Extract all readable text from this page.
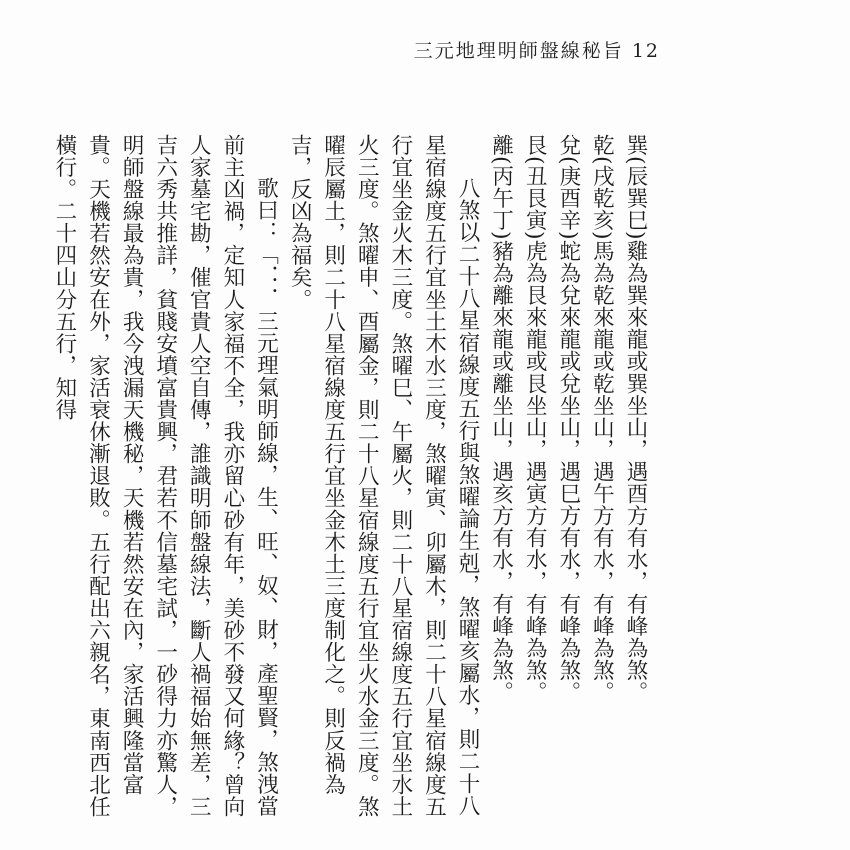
三元地理明師盤線秘旨 12

巽(辰巽巳)雞為巽來龍或巽坐山，遇酉方有水，有峰為煞。

乾(戌乾亥)馬為乾來龍或乾坐山，遇午方有水，有峰為煞。

兌(庚酉辛)蛇為兌來龍或兌坐山，遇巳方有水，有峰為煞。

艮(丑艮寅)虎為艮來龍或艮坐山，遇寅方有水，有峰為煞。

離(丙午丁)豬為離來龍或離坐山，遇亥方有水，有峰為煞。

八煞以二十八星宿線度五行與煞曜論生剋，煞曜亥屬水，則二十八星宿線度五行宜坐土木水三度，煞曜寅、卯屬木，則二十八星宿線度五行宜坐金火木三度。煞曜巳、午屬火，則二十八星宿線度五行宜坐水土火三度。煞曜申、酉屬金，則二十八星宿線度五行宜坐火水金三度。煞曜辰屬土，則二十八星宿線度五行宜坐金木土三度制化之。則反禍為吉，反凶為福矣。

歌曰：「．．．三元理氣明師線，生、旺、奴、財，產聖賢，煞洩當前主凶禍，定知人家福不全，我亦留心砂有年，美砂不發又何緣？曾向人家墓宅勘，催官貴人空自傳，誰識明師盤線法，斷人禍福始無差，三吉六秀共推詳，貧賤安墳富貴興，君若不信墓宅試，一砂得力亦驚人，明師盤線最為貴，我今洩漏天機秘，天機若然安在內，家活興隆當富貴。天機若然安在外，家活衰休漸退敗。五行配出六親名，東南西北任橫行。二十四山分五行，知得
